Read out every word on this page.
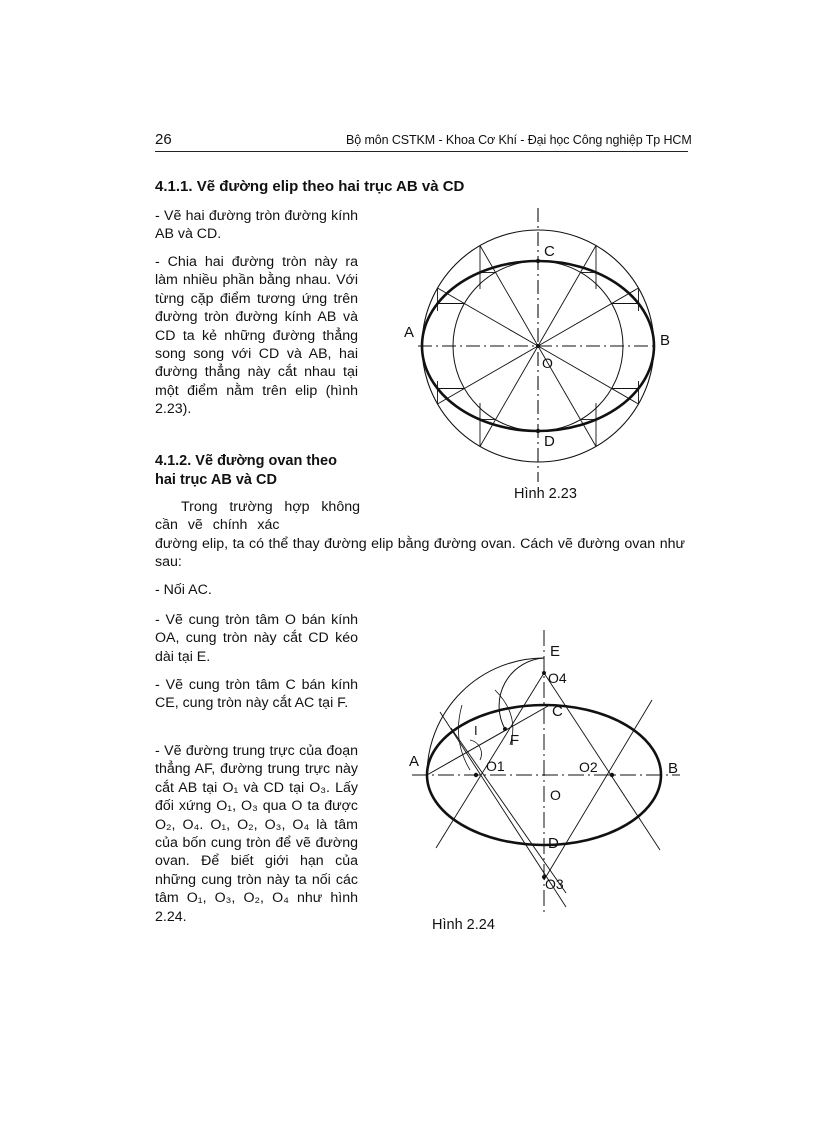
26	Bộ môn CSTKM - Khoa Cơ Khí - Đại học Công nghiệp Tp HCM
4.1.1. Vẽ đường elip theo hai trục AB và CD

- Vẽ hai đường tròn đường kính AB và CD.

- Chia hai đường tròn này ra làm nhiều phần bằng nhau. Với từng cặp điểm tương ứng trên đường tròn đường kính AB và CD ta kẻ những đường thẳng song song với CD và AB, hai đường thẳng này cắt nhau tại một điểm nằm trên elip (hình 2.23).

4.1.2. Vẽ đường ovan theo hai trục AB và CD

Trong trường hợp không cần vẽ chính xác

đường elip, ta có thể thay đường elip bằng đường ovan. Cách vẽ đường ovan như sau:

- Nối AC.

- Vẽ cung tròn tâm O bán kính OA, cung tròn này cắt CD kéo dài tại E.

- Vẽ cung tròn tâm C bán kính CE, cung tròn này cắt AC tại F.

- Vẽ đường trung trực của đoạn thẳng AF, đường trung trực này cắt AB tại O₁ và CD tại O₃. Lấy đối xứng O₁, O₃ qua O ta được O₂, O₄. O₁, O₂, O₃, O₄ là tâm của bốn cung tròn để vẽ đường ovan. Để biết giới hạn của những cung tròn này ta nối các tâm O₁, O₃, O₂, O₄ như hình 2.24.

A	B
C
D
O
Hình 2.23
A	B
C
D
O
E
F
I
O1	O2
O3
O4
Hình 2.24
